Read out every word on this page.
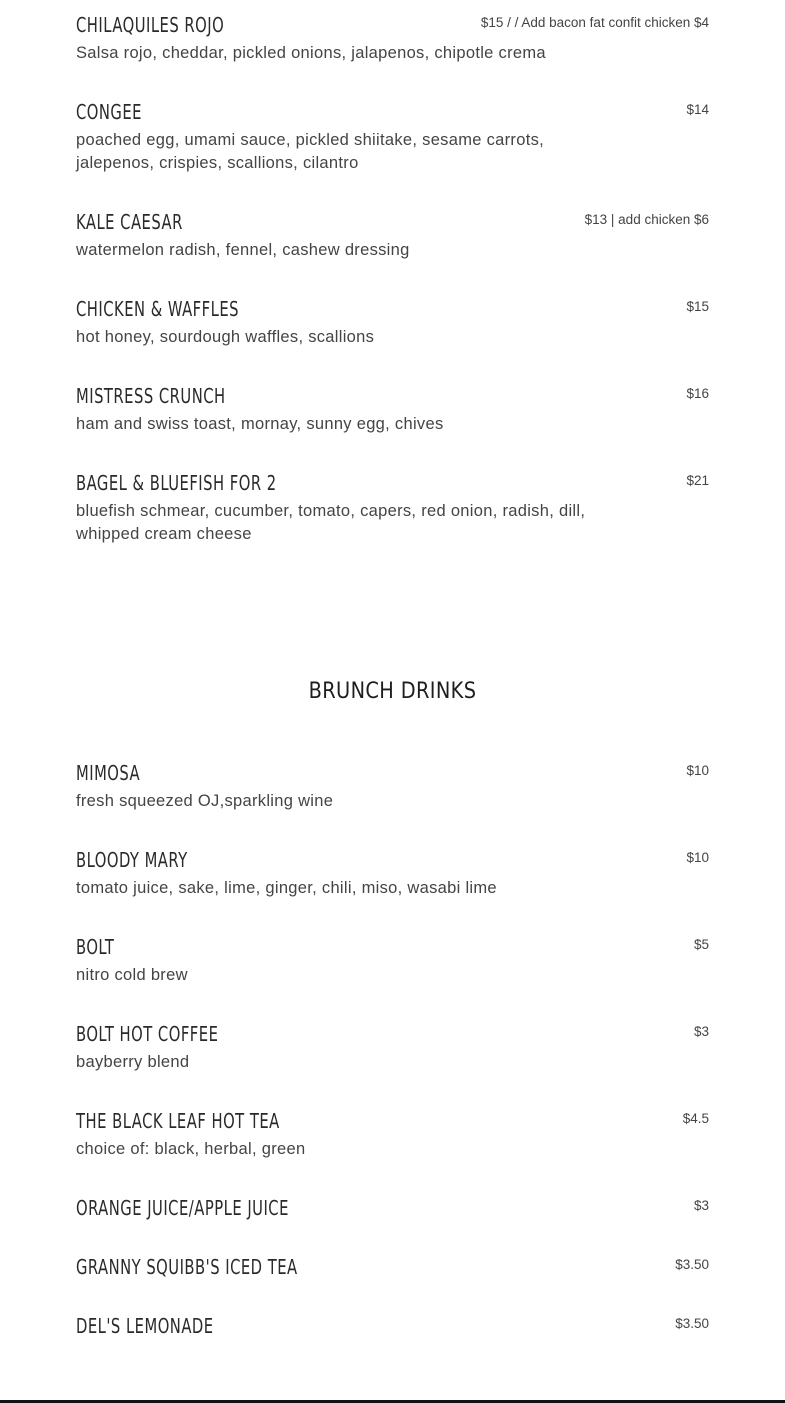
CHILAQUILES ROJO	$15 / / Add bacon fat confit chicken $4
Salsa rojo, cheddar, pickled onions, jalapenos, chipotle crema
CONGEE	$14
poached egg, umami sauce, pickled shiitake, sesame carrots, jalepenos, crispies, scallions, cilantro
KALE CAESAR	$13 | add chicken $6
watermelon radish, fennel, cashew dressing
CHICKEN & WAFFLES	$15
hot honey, sourdough waffles, scallions
MISTRESS CRUNCH	$16
ham and swiss toast, mornay, sunny egg, chives
BAGEL & BLUEFISH FOR 2	$21
bluefish schmear, cucumber, tomato, capers, red onion, radish, dill, whipped cream cheese
BRUNCH DRINKS
MIMOSA	$10
fresh squeezed OJ,sparkling wine
BLOODY MARY	$10
tomato juice, sake, lime, ginger, chili, miso, wasabi lime
BOLT	$5
nitro cold brew
BOLT HOT COFFEE	$3
bayberry blend
THE BLACK LEAF HOT TEA	$4.5
choice of: black, herbal, green
ORANGE JUICE/APPLE JUICE	$3
GRANNY SQUIBB'S ICED TEA	$3.50
DEL'S LEMONADE	$3.50
